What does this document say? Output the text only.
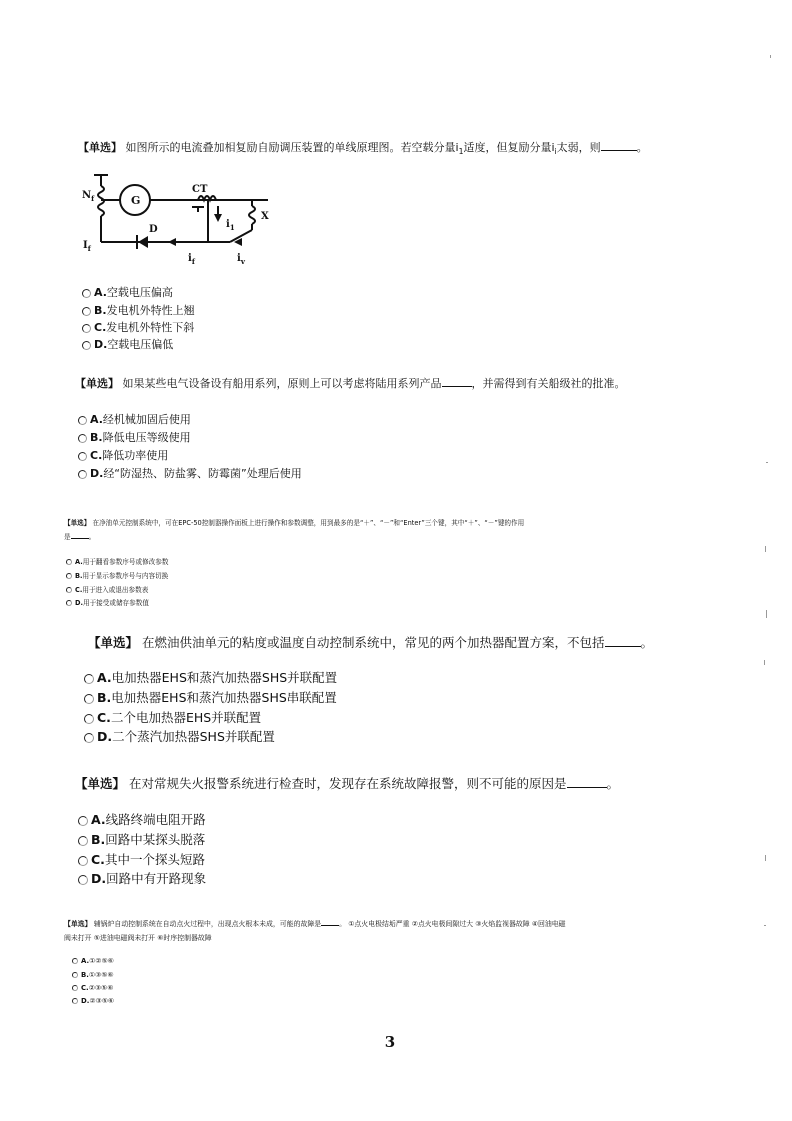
【单选】 如图所示的电流叠加相复励自励调压装置的单线原理图。若空载分量$i_1$适度，但复励分量$i_i$太弱，则	。
$N_f$
$I_f$
G
CT
$i_1$
X
D
$i_f$	$i_v$
A.空载电压偏高
B.发电机外特性上翘
C.发电机外特性下斜
D.空载电压偏低
【单选】 如果某些电气设备设有船用系列，原则上可以考虑将陆用系列产品	，并需得到有关船级社的批准。
A.经机械加固后使用
B.降低电压等级使用
C.降低功率使用
D.经“防湿热、防盐雾、防霉菌”处理后使用
【单选】 在净油单元控制系统中，可在EPC-50控制器操作面板上进行操作和参数调整，用到最多的是“＋”、“－”和“Enter”三个键，其中“＋”、“－”键的作用
是	。
A.用于翻看参数序号或修改参数
B.用于显示参数序号与内容切换
C.用于进入或退出参数表
D.用于接受或储存参数值
【单选】 在燃油供油单元的粘度或温度自动控制系统中，常见的两个加热器配置方案，不包括	。
A.电加热器EHS和蒸汽加热器SHS并联配置
B.电加热器EHS和蒸汽加热器SHS串联配置
C.二个电加热器EHS并联配置
D.二个蒸汽加热器SHS并联配置
【单选】 在对常规失火报警系统进行检查时，发现存在系统故障报警，则不可能的原因是	。
A.线路终端电阻开路
B.回路中某探头脱落
C.其中一个探头短路
D.回路中有开路现象
【单选】 辅锅炉自动控制系统在自动点火过程中，出现点火根本未成，可能的故障是	。 ①点火电极结垢严重 ②点火电极间隙过大 ③火焰监视器故障 ④回油电磁
阀未打开 ⑤进油电磁阀未打开 ⑥时序控制器故障
A.①②⑤⑥
B.①③⑤⑥
C.②③⑤⑥
D.②③⑤⑥
3
